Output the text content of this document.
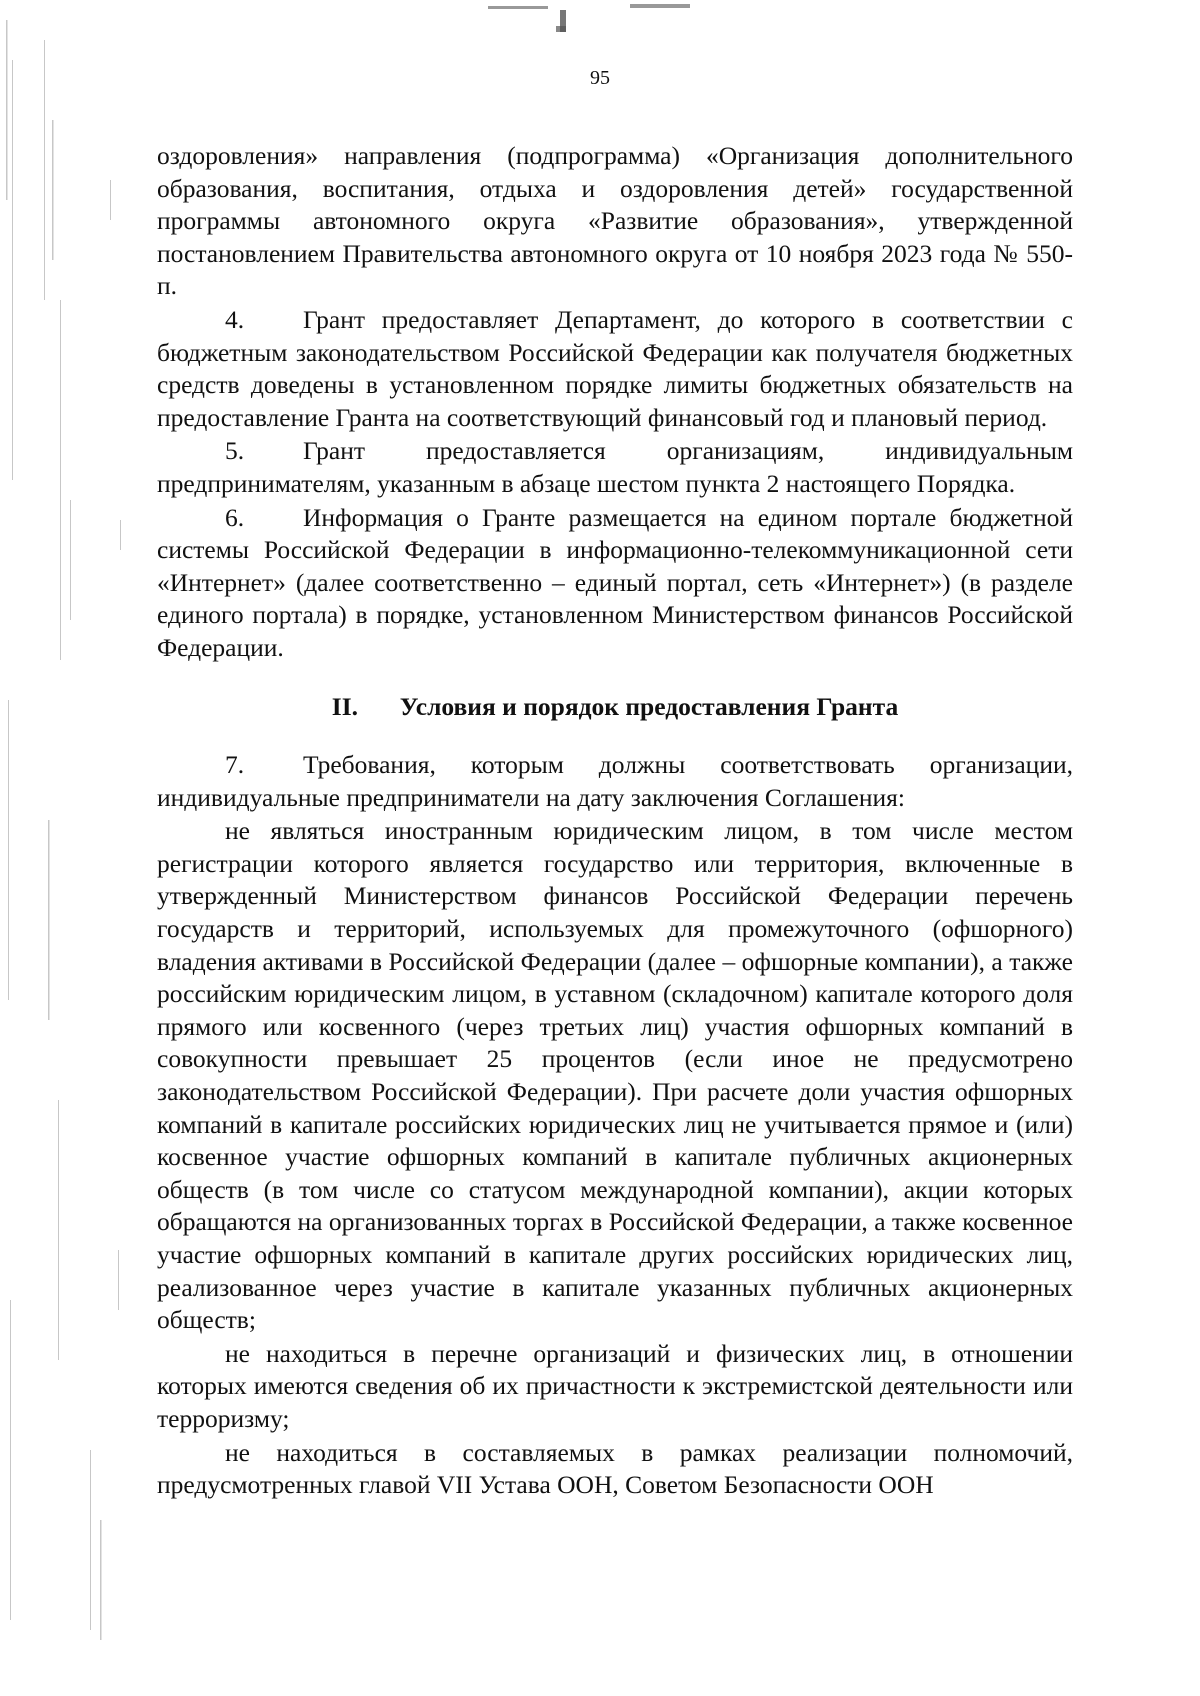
95

оздоровления» направления (подпрограмма) «Организация дополнительного образования, воспитания, отдыха и оздоровления детей» государственной программы автономного округа «Развитие образования», утвержденной постановлением Правительства автономного округа от 10 ноября 2023 года № 550-п.

4. Грант предоставляет Департамент, до которого в соответствии с бюджетным законодательством Российской Федерации как получателя бюджетных средств доведены в установленном порядке лимиты бюджетных обязательств на предоставление Гранта на соответствующий финансовый год и плановый период.

5. Грант предоставляется организациям, индивидуальным предпринимателям, указанным в абзаце шестом пункта 2 настоящего Порядка.

6. Информация о Гранте размещается на едином портале бюджетной системы Российской Федерации в информационно-телекоммуникационной сети «Интернет» (далее соответственно – единый портал, сеть «Интернет») (в разделе единого портала) в порядке, установленном Министерством финансов Российской Федерации.

II. Условия и порядок предоставления Гранта

7. Требования, которым должны соответствовать организации, индивидуальные предприниматели на дату заключения Соглашения:

не являться иностранным юридическим лицом, в том числе местом регистрации которого является государство или территория, включенные в утвержденный Министерством финансов Российской Федерации перечень государств и территорий, используемых для промежуточного (офшорного) владения активами в Российской Федерации (далее – офшорные компании), а также российским юридическим лицом, в уставном (складочном) капитале которого доля прямого или косвенного (через третьих лиц) участия офшорных компаний в совокупности превышает 25 процентов (если иное не предусмотрено законодательством Российской Федерации). При расчете доли участия офшорных компаний в капитале российских юридических лиц не учитывается прямое и (или) косвенное участие офшорных компаний в капитале публичных акционерных обществ (в том числе со статусом международной компании), акции которых обращаются на организованных торгах в Российской Федерации, а также косвенное участие офшорных компаний в капитале других российских юридических лиц, реализованное через участие в капитале указанных публичных акционерных обществ;

не находиться в перечне организаций и физических лиц, в отношении которых имеются сведения об их причастности к экстремистской деятельности или терроризму;

не находиться в составляемых в рамках реализации полномочий, предусмотренных главой VII Устава ООН, Советом Безопасности ООН
